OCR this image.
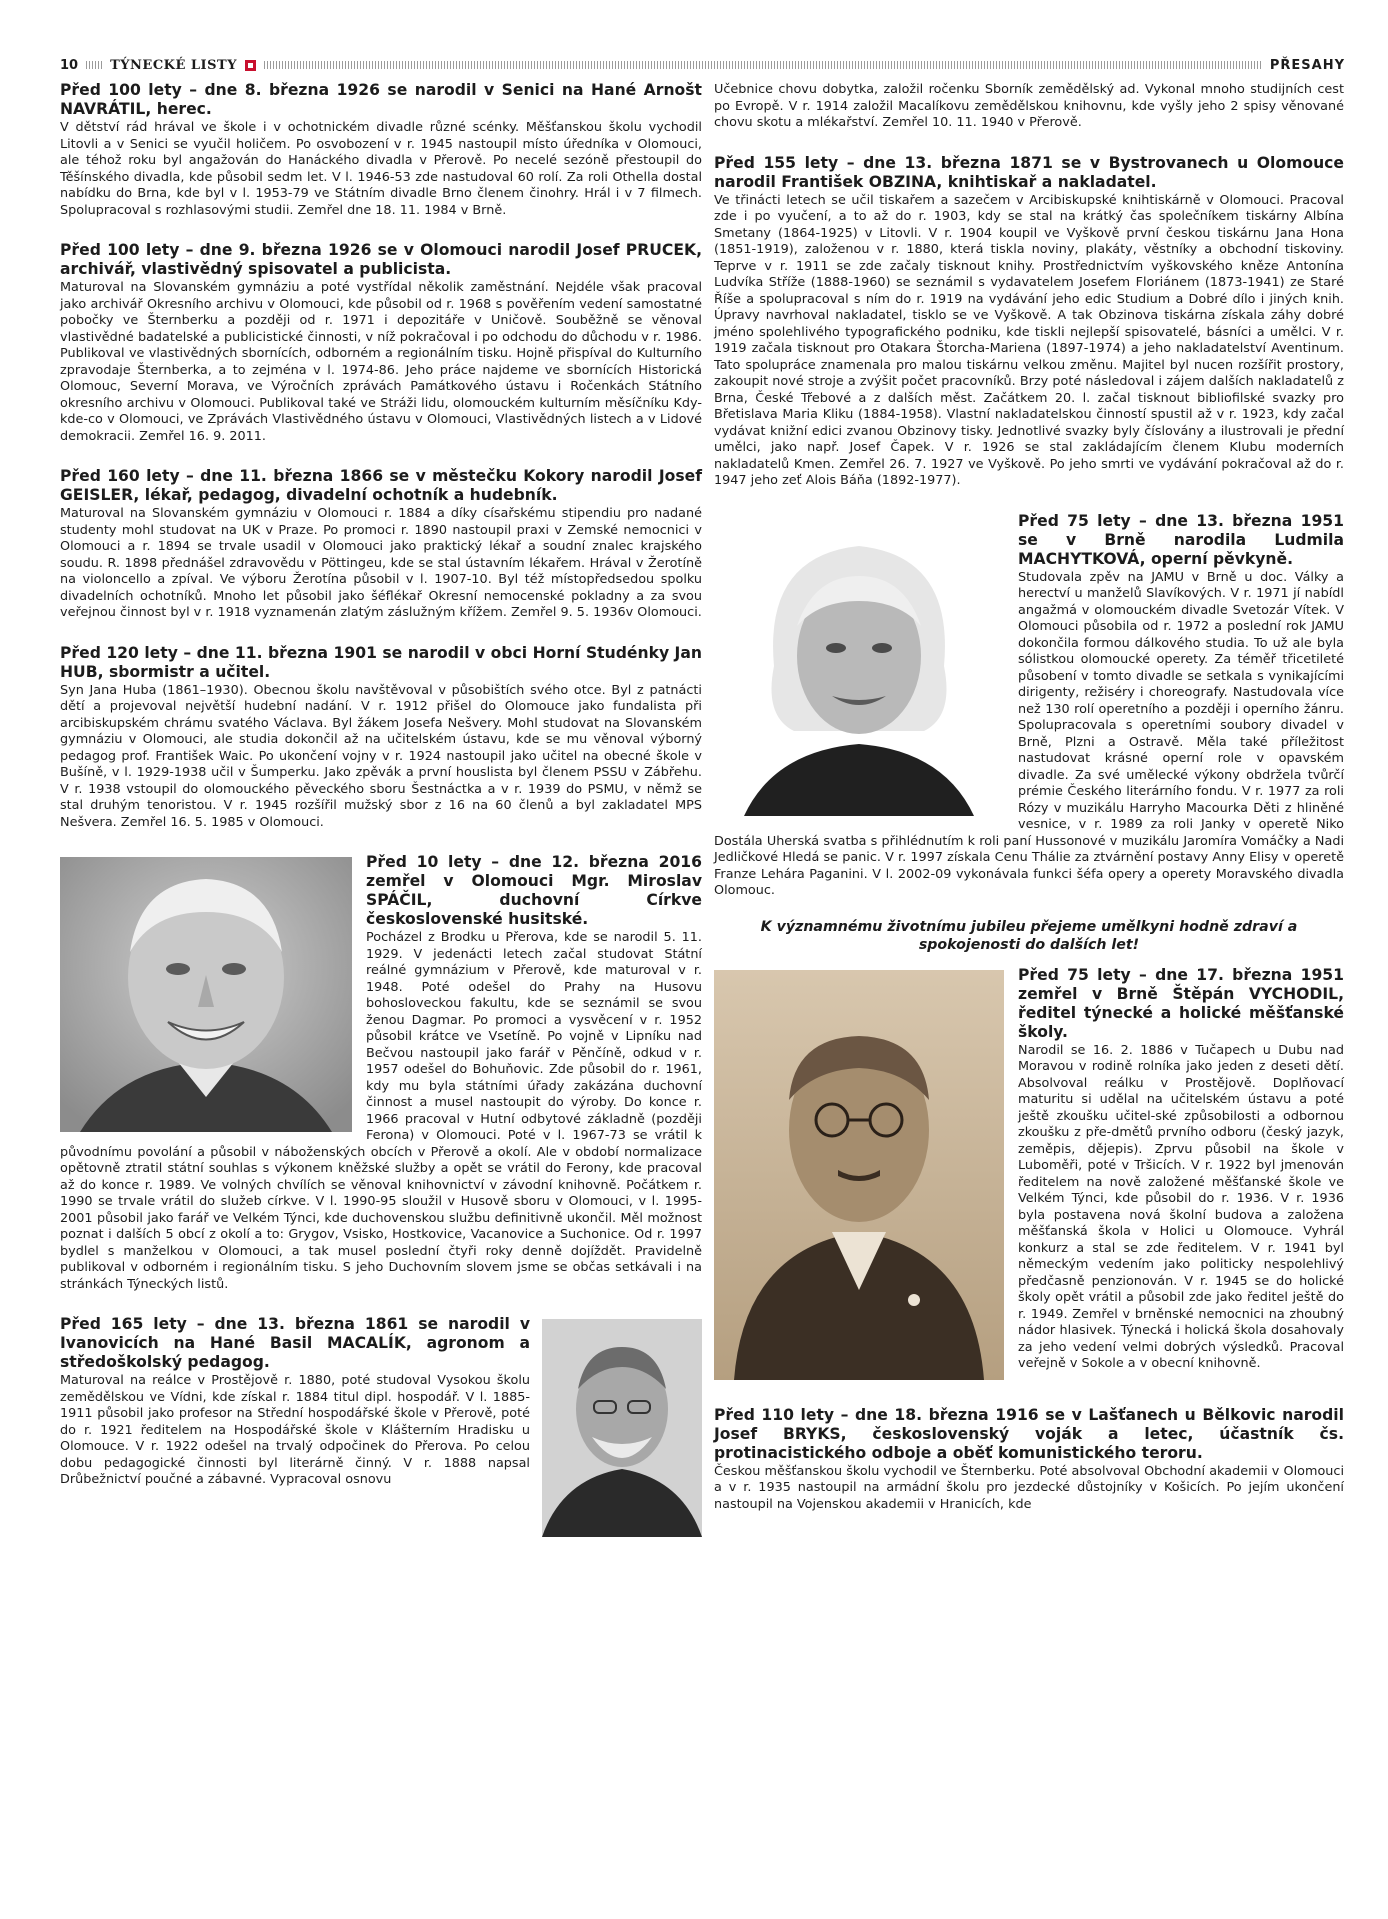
10 TÝNECKÉ LISTY	PŘESAHY

Před 100 lety – dne 8. března 1926 se narodil v Senici na Hané Arnošt NAVRÁTIL, herec.

V dětství rád hrával ve škole i v ochotnickém divadle různé scénky. Měšťanskou školu vychodil Litovli a v Senici se vyučil holičem. Po osvobození v r. 1945 nastoupil místo úředníka v Olomouci, ale téhož roku byl angažován do Hanáckého divadla v Přerově. Po necelé sezóně přestoupil do Těšínského divadla, kde působil sedm let. V l. 1946-53 zde nastudoval 60 rolí. Za roli Othella dostal nabídku do Brna, kde byl v l. 1953-79 ve Státním divadle Brno členem činohry. Hrál i v 7 filmech. Spolupracoval s rozhlasovými studii. Zemřel dne 18. 11. 1984 v Brně.

Před 100 lety – dne 9. března 1926 se v Olomouci narodil Josef PRUCEK, archivář, vlastivědný spisovatel a publicista.

Maturoval na Slovanském gymnáziu a poté vystřídal několik zaměstnání. Nejdéle však pracoval jako archivář Okresního archivu v Olomouci, kde působil od r. 1968 s pověřením vedení samostatné pobočky ve Šternberku a později od r. 1971 i depozitáře v Uničově. Souběžně se věnoval vlastivědné badatelské a publicistické činnosti, v níž pokračoval i po odchodu do důchodu v r. 1986. Publikoval ve vlastivědných sbornících, odborném a regionálním tisku. Hojně přispíval do Kulturního zpravodaje Šternberka, a to zejména v l. 1974-86. Jeho práce najdeme ve sbornících Historická Olomouc, Severní Morava, ve Výročních zprávách Památkového ústavu i Ročenkách Státního okresního archivu v Olomouci. Publikoval také ve Stráži lidu, olomouckém kulturním měsíčníku Kdy-kde-co v Olomouci, ve Zprávách Vlastivědného ústavu v Olomouci, Vlastivědných listech a v Lidové demokracii. Zemřel 16. 9. 2011.

Před 160 lety – dne 11. března 1866 se v městečku Kokory narodil Josef GEISLER, lékař, pedagog, divadelní ochotník a hudebník.

Maturoval na Slovanském gymnáziu v Olomouci r. 1884 a díky císařskému stipendiu pro nadané studenty mohl studovat na UK v Praze. Po promoci r. 1890 nastoupil praxi v Zemské nemocnici v Olomouci a r. 1894 se trvale usadil v Olomouci jako praktický lékař a soudní znalec krajského soudu. R. 1898 přednášel zdravovědu v Pöttingeu, kde se stal ústavním lékařem. Hrával v Žerotíně na violoncello a zpíval. Ve výboru Žerotína působil v l. 1907-10. Byl též místopředsedou spolku divadelních ochotníků. Mnoho let působil jako šéflékař Okresní nemocenské pokladny a za svou veřejnou činnost byl v r. 1918 vyznamenán zlatým záslužným křížem. Zemřel 9. 5. 1936v Olomouci.

Před 120 lety – dne 11. března 1901 se narodil v obci Horní Studénky Jan HUB, sbormistr a učitel.

Syn Jana Huba (1861–1930). Obecnou školu navštěvoval v působištích svého otce. Byl z patnácti dětí a projevoval největší hudební nadání. V r. 1912 přišel do Olomouce jako fundalista při arcibiskupském chrámu svatého Václava. Byl žákem Josefa Nešvery. Mohl studovat na Slovanském gymnáziu v Olomouci, ale studia dokončil až na učitelském ústavu, kde se mu věnoval výborný pedagog prof. František Waic. Po ukončení vojny v r. 1924 nastoupil jako učitel na obecné škole v Bušíně, v l. 1929-1938 učil v Šumperku. Jako zpěvák a první houslista byl členem PSSU v Zábřehu. V r. 1938 vstoupil do olomouckého pěveckého sboru Šestnáctka a v r. 1939 do PSMU, v němž se stal druhým tenoristou. V r. 1945 rozšířil mužský sbor z 16 na 60 členů a byl zakladatel MPS Nešvera. Zemřel 16. 5. 1985 v Olomouci.

Před 10 lety – dne 12. března 2016 zemřel v Olomouci Mgr. Miroslav SPÁČIL, duchovní Církve československé husitské.

Pocházel z Brodku u Přerova, kde se narodil 5. 11. 1929. V jedenácti letech začal studovat Státní reálné gymnázium v Přerově, kde maturoval v r. 1948. Poté odešel do Prahy na Husovu bohosloveckou fakultu, kde se seznámil se svou ženou Dagmar. Po promoci a vysvěcení v r. 1952 působil krátce ve Vsetíně. Po vojně v Lipníku nad Bečvou nastoupil jako farář v Pěnčíně, odkud v r. 1957 odešel do Bohuňovic. Zde působil do r. 1961, kdy mu byla státními úřady zakázána duchovní činnost a musel nastoupit do výroby. Do konce r. 1966 pracoval v Hutní odbytové základně (později Ferona) v Olomouci. Poté v l. 1967-73 se vrátil k původnímu povolání a působil v náboženských obcích v Přerově a okolí. Ale v období normalizace opětovně ztratil státní souhlas s výkonem kněžské služby a opět se vrátil do Ferony, kde pracoval až do konce r. 1989. Ve volných chvílích se věnoval knihovnictví v závodní knihovně. Počátkem r. 1990 se trvale vrátil do služeb církve. V l. 1990-95 sloužil v Husově sboru v Olomouci, v l. 1995-2001 působil jako farář ve Velkém Týnci, kde duchovenskou službu definitivně ukončil. Měl možnost poznat i dalších 5 obcí z okolí a to: Grygov, Vsisko, Hostkovice, Vacanovice a Suchonice. Od r. 1997 bydlel s manželkou v Olomouci, a tak musel poslední čtyři roky denně dojíždět. Pravidelně publikoval v odborném i regionálním tisku. S jeho Duchovním slovem jsme se občas setkávali i na stránkách Týneckých listů.

Před 165 lety – dne 13. března 1861 se narodil v Ivanovicích na Hané Basil MACALÍK, agronom a středoškolský pedagog.

Maturoval na reálce v Prostějově r. 1880, poté studoval Vysokou školu zemědělskou ve Vídni, kde získal r. 1884 titul dipl. hospodář. V l. 1885-1911 působil jako profesor na Střední hospodářské škole v Přerově, poté do r. 1921 ředitelem na Hospodářské škole v Klášterním Hradisku u Olomouce. V r. 1922 odešel na trvalý odpočinek do Přerova. Po celou dobu pedagogické činnosti byl literárně činný. V r. 1888 napsal Drůbežnictví poučné a zábavné. Vypracoval osnovu

Učebnice chovu dobytka, založil ročenku Sborník zemědělský ad. Vykonal mnoho studijních cest po Evropě. V r. 1914 založil Macalíkovu zemědělskou knihovnu, kde vyšly jeho 2 spisy věnované chovu skotu a mlékařství. Zemřel 10. 11. 1940 v Přerově.

Před 155 lety – dne 13. března 1871 se v Bystrovanech u Olomouce narodil František OBZINA, knihtiskař a nakladatel.

Ve třinácti letech se učil tiskařem a sazečem v Arcibiskupské knihtiskárně v Olomouci. Pracoval zde i po vyučení, a to až do r. 1903, kdy se stal na krátký čas společníkem tiskárny Albína Smetany (1864-1925) v Litovli. V r. 1904 koupil ve Vyškově první českou tiskárnu Jana Hona (1851-1919), založenou v r. 1880, která tiskla noviny, plakáty, věstníky a obchodní tiskoviny. Teprve v r. 1911 se zde začaly tisknout knihy. Prostřednictvím vyškovského kněze Antonína Ludvíka Stříže (1888-1960) se seznámil s vydavatelem Josefem Floriánem (1873-1941) ze Staré Říše a spolupracoval s ním do r. 1919 na vydávání jeho edic Studium a Dobré dílo i jiných knih. Úpravy navrhoval nakladatel, tisklo se ve Vyškově. A tak Obzinova tiskárna získala záhy dobré jméno spolehlivého typografického podniku, kde tiskli nejlepší spisovatelé, básníci a umělci. V r. 1919 začala tisknout pro Otakara Štorcha-Mariena (1897-1974) a jeho nakladatelství Aventinum. Tato spolupráce znamenala pro malou tiskárnu velkou změnu. Majitel byl nucen rozšířit prostory, zakoupit nové stroje a zvýšit počet pracovníků. Brzy poté následoval i zájem dalších nakladatelů z Brna, České Třebové a z dalších měst. Začátkem 20. l. začal tisknout bibliofilské svazky pro Břetislava Maria Kliku (1884-1958). Vlastní nakladatelskou činností spustil až v r. 1923, kdy začal vydávat knižní edici zvanou Obzinovy tisky. Jednotlivé svazky byly číslovány a ilustrovali je přední umělci, jako např. Josef Čapek. V r. 1926 se stal zakládajícím členem Klubu moderních nakladatelů Kmen. Zemřel 26. 7. 1927 ve Vyškově. Po jeho smrti ve vydávání pokračoval až do r. 1947 jeho zeť Alois Báňa (1892-1977).

Před 75 lety – dne 13. března 1951 se v Brně narodila Ludmila MACHYTKOVÁ, operní pěvkyně.

Studovala zpěv na JAMU v Brně u doc. Války a herectví u manželů Slavíkových. V r. 1971 jí nabídl angažmá v olomouckém divadle Svetozár Vítek. V Olomouci působila od r. 1972 a poslední rok JAMU dokončila formou dálkového studia. To už ale byla sólistkou olomoucké operety. Za téměř třicetileté působení v tomto divadle se setkala s vynikajícími dirigenty, režiséry i choreografy. Nastudovala více než 130 rolí operetního a později i operního žánru. Spolupracovala s operetními soubory divadel v Brně, Plzni a Ostravě. Měla také příležitost nastudovat krásné operní role v opavském divadle. Za své umělecké výkony obdržela tvůrčí prémie Českého literárního fondu. V r. 1977 za roli Rózy v muzikálu Harryho Macourka Děti z hliněné vesnice, v r. 1989 za roli Janky v operetě Niko Dostála Uherská svatba s přihlédnutím k roli paní Hussonové v muzikálu Jaromíra Vomáčky a Nadi Jedličkové Hledá se panic. V r. 1997 získala Cenu Thálie za ztvárnění postavy Anny Elisy v operetě Franze Lehára Paganini. V l. 2002-09 vykonávala funkci šéfa opery a operety Moravského divadla Olomouc.

K významnému životnímu jubileu přejeme umělkyni hodně zdraví a spokojenosti do dalších let!

Před 75 lety – dne 17. března 1951 zemřel v Brně Štěpán VYCHODIL, ředitel týnecké a holické měšťanské školy.

Narodil se 16. 2. 1886 v Tučapech u Dubu nad Moravou v rodině rolníka jako jeden z deseti dětí. Absolvoval reálku v Prostějově. Doplňovací maturitu si udělal na učitelském ústavu a poté ještě zkoušku učitel-ské způsobilosti a odbornou zkoušku z pře-dmětů prvního odboru (český jazyk, zeměpis, dějepis). Zprvu působil na škole v Luboměři, poté v Tršicích. V r. 1922 byl jmenován ředitelem na nově založené měšťanské škole ve Velkém Týnci, kde působil do r. 1936. V r. 1936 byla postavena nová školní budova a založena měšťanská škola v Holici u Olomouce. Vyhrál konkurz a stal se zde ředitelem. V r. 1941 byl německým vedením jako politicky nespolehlivý předčasně penzionován. V r. 1945 se do holické školy opět vrátil a působil zde jako ředitel ještě do r. 1949. Zemřel v brněnské nemocnici na zhoubný nádor hlasivek. Týnecká i holická škola dosahovaly za jeho vedení velmi dobrých výsledků. Pracoval veřejně v Sokole a v obecní knihovně.

Před 110 lety – dne 18. března 1916 se v Lašťanech u Bělkovic narodil Josef BRYKS, československý voják a letec, účastník čs. protinacistického odboje a oběť komunistického teroru.

Českou měšťanskou školu vychodil ve Šternberku. Poté absolvoval Obchodní akademii v Olomouci a v r. 1935 nastoupil na armádní školu pro jezdecké důstojníky v Košicích. Po jejím ukončení nastoupil na Vojenskou akademii v Hranicích, kde
